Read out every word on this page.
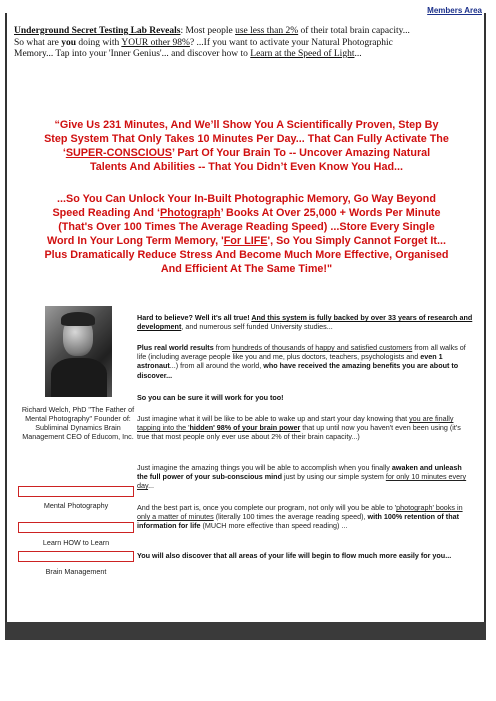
Members Area
Underground Secret Testing Lab Reveals: Most people use less than 2% of their total brain capacity... So what are you doing with YOUR other 98%? ...If you want to activate your Natural Photographic Memory... Tap into your 'Inner Genius'... and discover how to Learn at the Speed of Light...
“Give Us 231 Minutes, And We’ll Show You A Scientifically Proven, Step By Step System That Only Takes 10 Minutes Per Day... That Can Fully Activate The ‘SUPER-CONSCIOUS’ Part Of Your Brain To -- Uncover Amazing Natural Talents And Abilities -- That You Didn’t Even Know You Had...
...So You Can Unlock Your In-Built Photographic Memory, Go Way Beyond Speed Reading And ‘Photograph’ Books At Over 25,000 + Words Per Minute (That's Over 100 Times The Average Reading Speed) ...Store Every Single Word In Your Long Term Memory, 'For LIFE', So You Simply Cannot Forget It... Plus Dramatically Reduce Stress And Become Much More Effective, Organised And Efficient At The Same Time!"
Richard Welch, PhD "The Father of Mental Photography" Founder of: Subliminal Dynamics Brain Management CEO of Educom, Inc.
Mental Photography
Learn HOW to Learn
Brain Management
Hard to believe? Well it's all true! And this system is fully backed by over 33 years of research and development, and numerous self funded University studies...
Plus real world results from hundreds of thousands of happy and satisfied customers from all walks of life (including average people like you and me, plus doctors, teachers, psychologists and even 1 astronaut...) from all around the world, who have received the amazing benefits you are about to discover...
So you can be sure it will work for you too!
Just imagine what it will be like to be able to wake up and start your day knowing that you are finally tapping into the 'hidden' 98% of your brain power that up until now you haven't even been using (it's true that most people only ever use about 2% of their brain capacity...)
Just imagine the amazing things you will be able to accomplish when you finally awaken and unleash the full power of your sub-conscious mind just by using our simple system for only 10 minutes every day...
And the best part is, once you complete our program, not only will you be able to 'photograph' books in only a matter of minutes (literally 100 times the average reading speed), with 100% retention of that information for life (MUCH more effective than speed reading) ...
You will also discover that all areas of your life will begin to flow much more easily for you...
